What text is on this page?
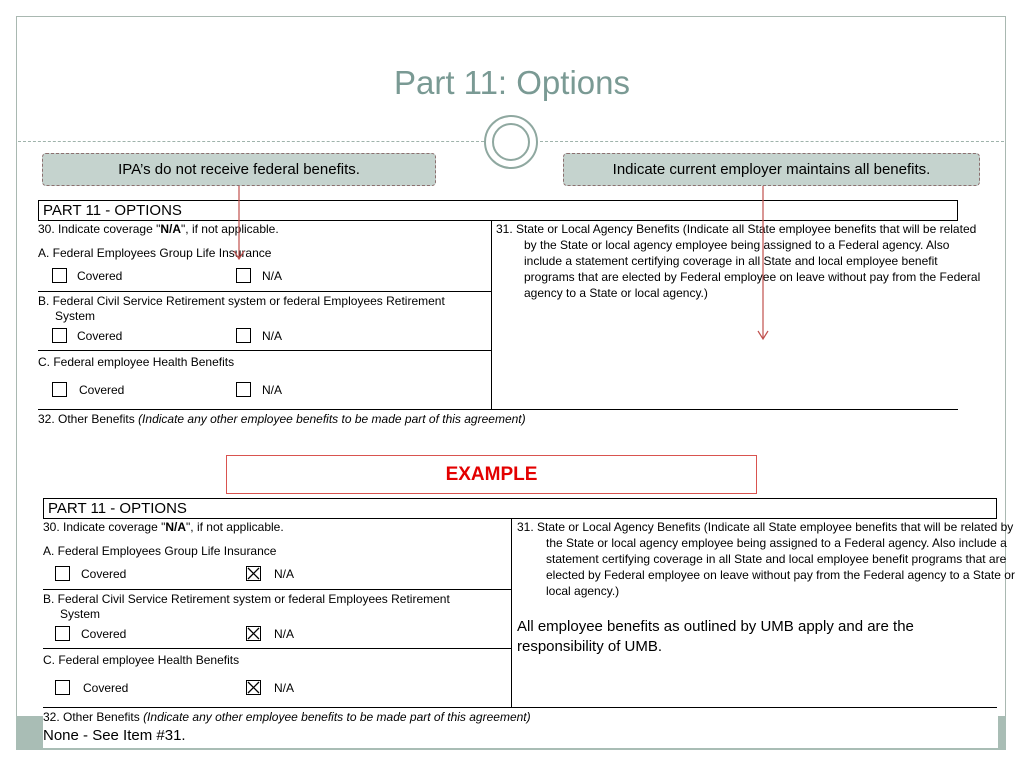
Part 11: Options
PART 11 - OPTIONS
30. Indicate coverage "N/A", if not applicable.
A. Federal Employees Group Life Insurance
Covered	N/A
B. Federal Civil Service Retirement system or federal Employees Retirement
System
Covered	N/A
C. Federal employee Health Benefits
Covered	N/A
31. State or Local Agency Benefits (Indicate all State employee benefits that will be related by the State or local agency employee being assigned to a Federal agency. Also include a statement certifying coverage in all State and local employee benefit programs that are elected by Federal employee on leave without pay from the Federal agency to a State or local agency.)
32. Other Benefits (Indicate any other employee benefits to be made part of this agreement)
EXAMPLE
PART 11 - OPTIONS
30. Indicate coverage "N/A", if not applicable.
A. Federal Employees Group Life Insurance
Covered	N/A
B. Federal Civil Service Retirement system or federal Employees Retirement
System
Covered	N/A
C. Federal employee Health Benefits
Covered	N/A
31. State or Local Agency Benefits (Indicate all State employee benefits that will be related by the State or local agency employee being assigned to a Federal agency. Also include a statement certifying coverage in all State and local employee benefit programs that are elected by Federal employee on leave without pay from the Federal agency to a State or local agency.)
All employee benefits as outlined by UMB apply and are the responsibility of UMB.
32. Other Benefits (Indicate any other employee benefits to be made part of this agreement)
None - See Item #31.
IPA’s do not receive federal benefits.	Indicate current employer maintains all benefits.
